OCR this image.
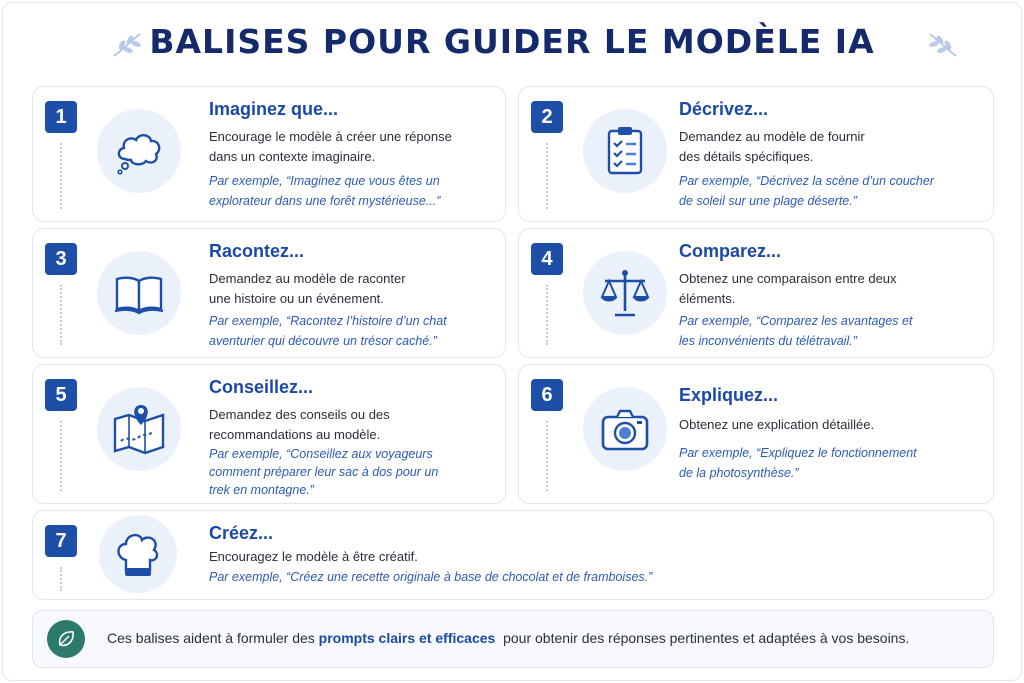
BALISES POUR GUIDER LE MODÈLE IA
1	Imaginez que...
Encourage le modèle à créer une réponse
dans un contexte imaginaire.
Par exemple, “Imaginez que vous êtes un
explorateur dans une forêt mystérieuse...”
2	Décrivez...
Demandez au modèle de fournir
des détails spécifiques.
Par exemple, “Décrivez la scène d’un coucher
de soleil sur une plage déserte.”
3	Racontez...
Demandez au modèle de raconter
une histoire ou un événement.
Par exemple, “Racontez l’histoire d’un chat
aventurier qui découvre un trésor caché.”
4	Comparez...
Obtenez une comparaison entre deux
éléments.
Par exemple, “Comparez les avantages et
les inconvénients du télétravail.”
5	Conseillez...
Demandez des conseils ou des
recommandations au modèle.
Par exemple, “Conseillez aux voyageurs
comment préparer leur sac à dos pour un
trek en montagne.”
6	Expliquez...
Obtenez une explication détaillée.
Par exemple, “Expliquez le fonctionnement
de la photosynthèse.”
7	Créez...
Encouragez le modèle à être créatif.
Par exemple, “Créez une recette originale à base de chocolat et de framboises.”
Ces balises aident à formuler des prompts clairs et efficaces  pour obtenir des réponses pertinentes et adaptées à vos besoins.
